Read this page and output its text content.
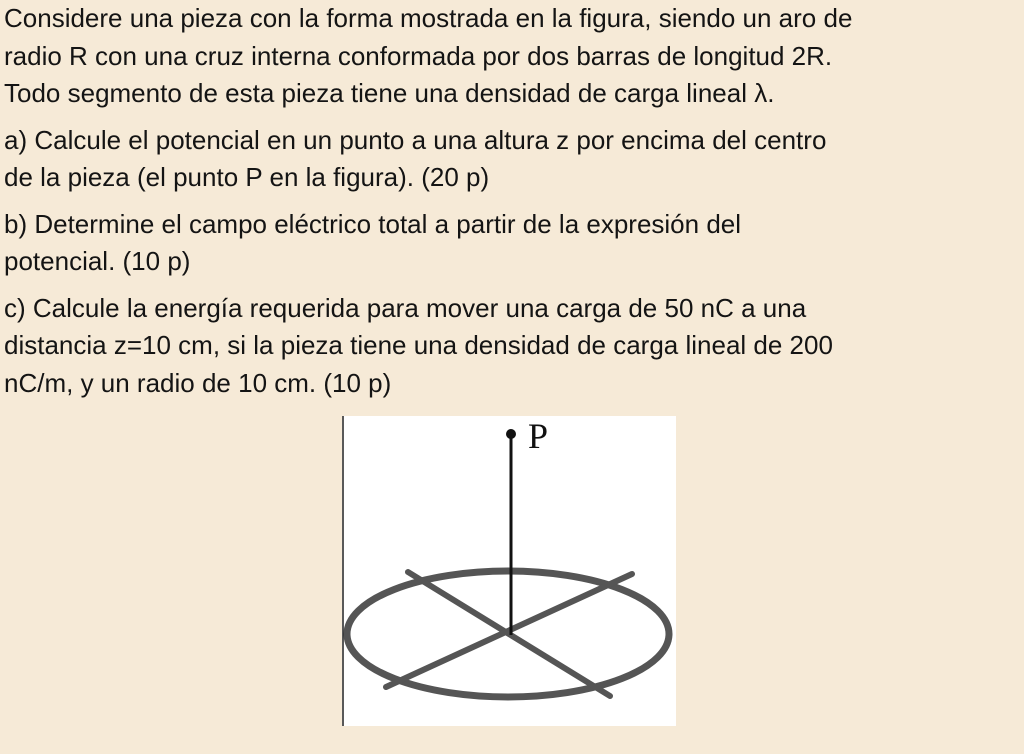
Considere una pieza con la forma mostrada en la figura, siendo un aro de
radio R con una cruz interna conformada por dos barras de longitud 2R.
Todo segmento de esta pieza tiene una densidad de carga lineal λ.

a) Calcule el potencial en un punto a una altura z por encima del centro
de la pieza (el punto P en la figura). (20 p)

b) Determine el campo eléctrico total a partir de la expresión del
potencial. (10 p)

c) Calcule la energía requerida para mover una carga de 50 nC a una
distancia z=10 cm, si la pieza tiene una densidad de carga lineal de 200
nC/m, y un radio de 10 cm. (10 p)

P
